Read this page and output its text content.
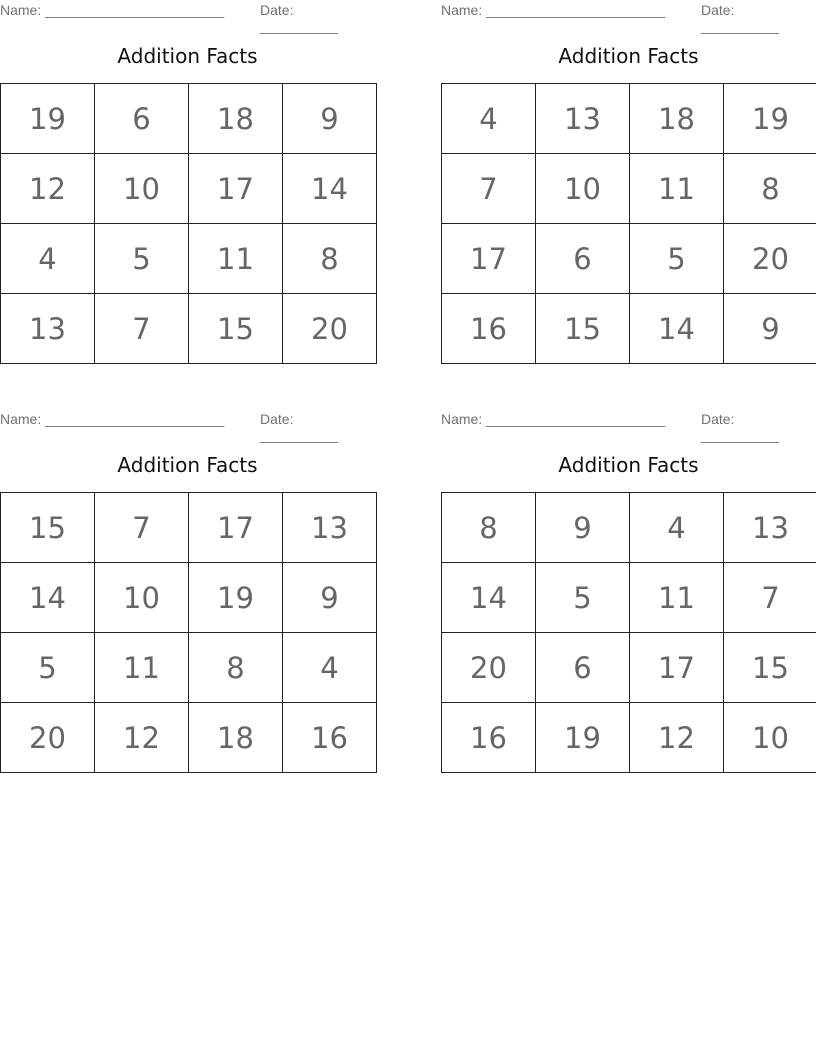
Name: _______________________	Date: __________
Addition Facts
19	6	18	9
12	10	17	14
4	5	11	8
13	7	15	20
Name: _______________________	Date: __________
Addition Facts
4	13	18	19
7	10	11	8
17	6	5	20
16	15	14	9
Name: _______________________	Date: __________
Addition Facts
15	7	17	13
14	10	19	9
5	11	8	4
20	12	18	16
Name: _______________________	Date: __________
Addition Facts
8	9	4	13
14	5	11	7
20	6	17	15
16	19	12	10
